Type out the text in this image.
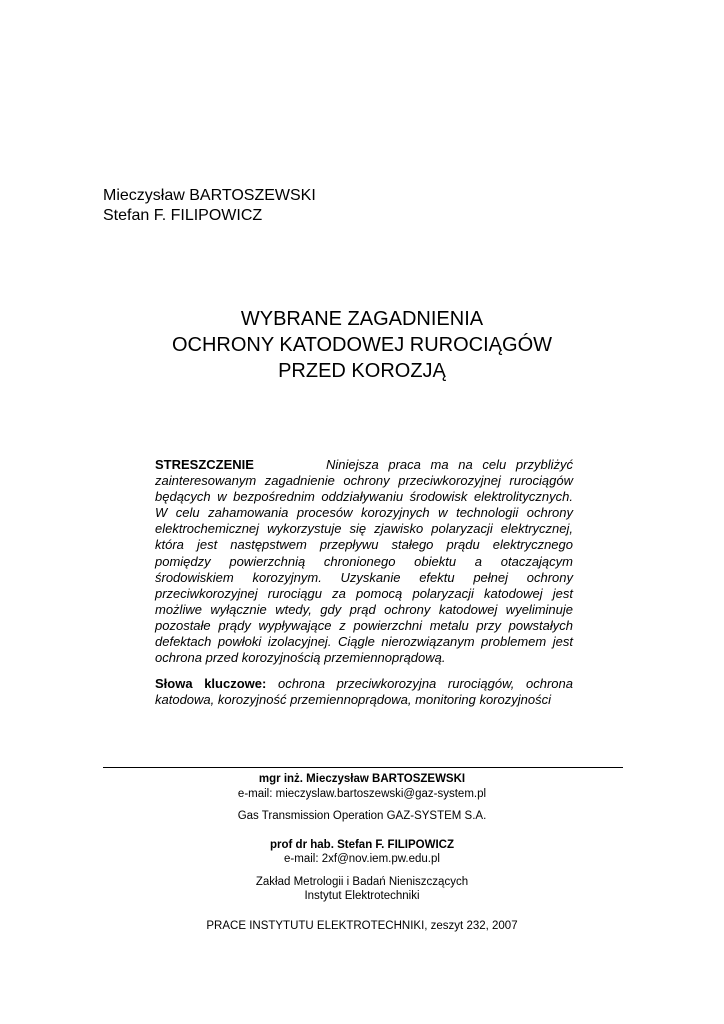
Mieczysław BARTOSZEWSKI
Stefan F. FILIPOWICZ
WYBRANE ZAGADNIENIA
OCHRONY KATODOWEJ RUROCIĄGÓW
PRZED KOROZJĄ

STRESZCZENIE	Niniejsza praca ma na celu przybliżyć zainteresowanym zagadnienie ochrony przeciwkorozyjnej rurociągów będących w bezpośrednim oddziaływaniu środowisk elektrolitycznych. W celu zahamowania procesów korozyjnych w technologii ochrony elektrochemicznej wykorzystuje się zjawisko polaryzacji elektrycznej, która jest następstwem przepływu stałego prądu elektrycznego pomiędzy powierzchnią chronionego obiektu a otaczającym środowiskiem korozyjnym. Uzyskanie efektu pełnej ochrony przeciwkorozyjnej rurociągu za pomocą polaryzacji katodowej jest możliwe wyłącznie wtedy, gdy prąd ochrony katodowej wyeliminuje pozostałe prądy wypływające z powierzchni metalu przy powstałych defektach powłoki izolacyjnej. Ciągle nierozwiązanym problemem jest ochrona przed korozyjnością przemiennoprądową.

Słowa kluczowe: ochrona przeciwkorozyjna rurociągów, ochrona katodowa, korozyjność przemiennoprądowa, monitoring korozyjności

mgr inż. Mieczysław BARTOSZEWSKI
e-mail: mieczyslaw.bartoszewski@gaz-system.pl
Gas Transmission Operation GAZ-SYSTEM S.A.
prof dr hab. Stefan F. FILIPOWICZ
e-mail: 2xf@nov.iem.pw.edu.pl
Zakład Metrologii i Badań Nieniszczących
Instytut Elektrotechniki
PRACE INSTYTUTU ELEKTROTECHNIKI, zeszyt 232, 2007
